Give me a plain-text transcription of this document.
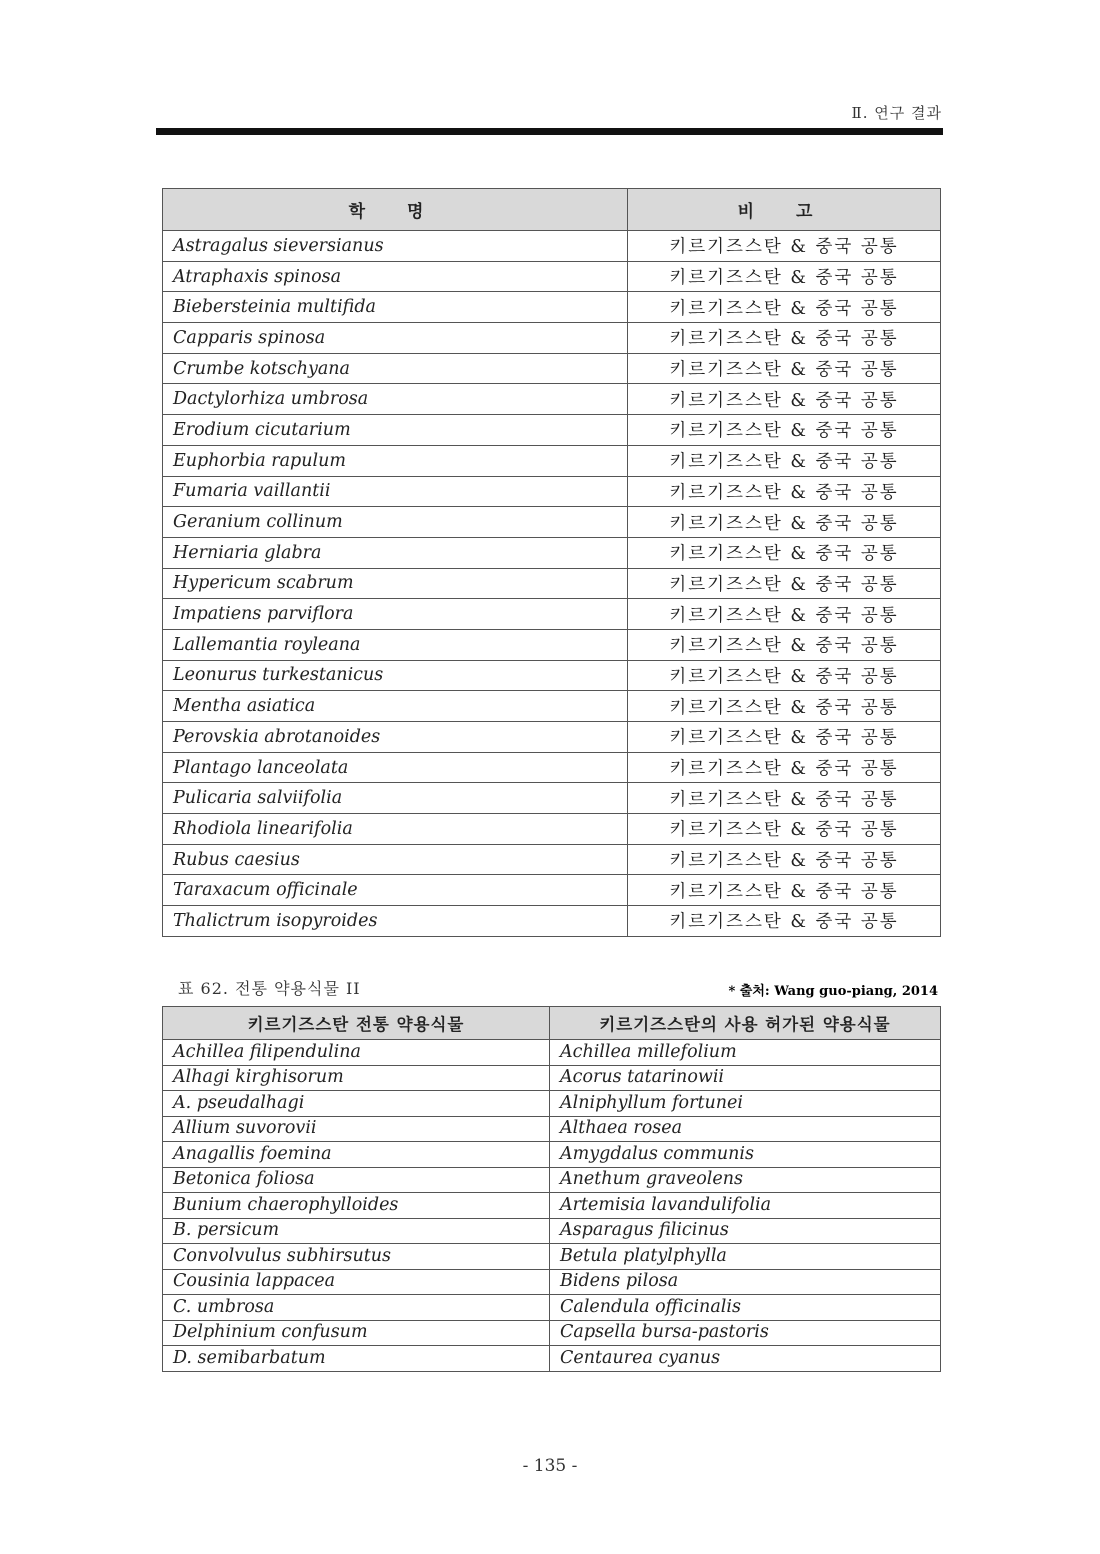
Ⅱ. 연구 결과
학 명	비 고
Astragalus sieversianus	키르기즈스탄 & 중국 공통
Atraphaxis spinosa	키르기즈스탄 & 중국 공통
Biebersteinia multifida	키르기즈스탄 & 중국 공통
Capparis spinosa	키르기즈스탄 & 중국 공통
Crumbe kotschyana	키르기즈스탄 & 중국 공통
Dactylorhiza umbrosa	키르기즈스탄 & 중국 공통
Erodium cicutarium	키르기즈스탄 & 중국 공통
Euphorbia rapulum	키르기즈스탄 & 중국 공통
Fumaria vaillantii	키르기즈스탄 & 중국 공통
Geranium collinum	키르기즈스탄 & 중국 공통
Herniaria glabra	키르기즈스탄 & 중국 공통
Hypericum scabrum	키르기즈스탄 & 중국 공통
Impatiens parviflora	키르기즈스탄 & 중국 공통
Lallemantia royleana	키르기즈스탄 & 중국 공통
Leonurus turkestanicus	키르기즈스탄 & 중국 공통
Mentha asiatica	키르기즈스탄 & 중국 공통
Perovskia abrotanoides	키르기즈스탄 & 중국 공통
Plantago lanceolata	키르기즈스탄 & 중국 공통
Pulicaria salviifolia	키르기즈스탄 & 중국 공통
Rhodiola linearifolia	키르기즈스탄 & 중국 공통
Rubus caesius	키르기즈스탄 & 중국 공통
Taraxacum officinale	키르기즈스탄 & 중국 공통
Thalictrum isopyroides	키르기즈스탄 & 중국 공통
표 62. 전통 약용식물 II	* 출처: Wang guo-piang, 2014
키르기즈스탄 전통 약용식물	키르기즈스탄의 사용 허가된 약용식물
Achillea filipendulina	Achillea millefolium
Alhagi kirghisorum	Acorus tatarinowii
A. pseudalhagi	Alniphyllum fortunei
Allium suvorovii	Althaea rosea
Anagallis foemina	Amygdalus communis
Betonica foliosa	Anethum graveolens
Bunium chaerophylloides	Artemisia lavandulifolia
B. persicum	Asparagus filicinus
Convolvulus subhirsutus	Betula platylphylla
Cousinia lappacea	Bidens pilosa
C. umbrosa	Calendula officinalis
Delphinium confusum	Capsella bursa-pastoris
D. semibarbatum	Centaurea cyanus
- 135 -
